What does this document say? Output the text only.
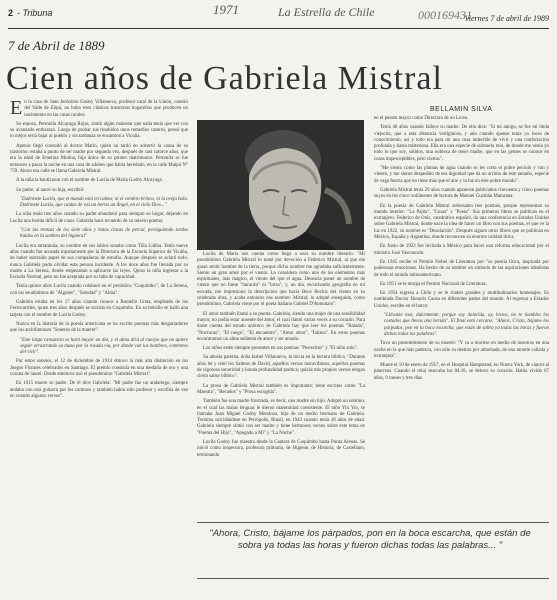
2 - Tribuna	1971	La Estrella de Chile	000169431
Viernes 7 de abril de 1989
7 de Abril de 1889
Cien años de Gabriela Mistral
BELLAMIN SILVA

En la casa de Juan Jerónimo Godoy Villanueva, profesor rural de la Unión, caserío del Valle de Elqui, no hubo esos clásicos trastornos hogareños que producen un nacimiento en las casas rurales.

Su esposa, Petronila Alcayaga Rojas, sintió algún malestar que nada tenía que ver con su avanzado embarazo. Luego de probar sus resabidos unos remedios caseros, pensó que lo mejor sería bajar al pueblo y sin tardanza se encaminó a Vicuña.

Apenas llegó consultó al doctor Marín, quien no tardó en advertir la causa de su trastorno: estaba a punto de ser madre por segunda vez, después de casi catorce años, que era la edad de Emelina Molina, hija única de su primer matrimonio. Petronila se fue entonces a pasar la noche en una casa de adobes que había heredado, en la calle Maipú N° 759. Ahora esa calle se llama Gabriela Mistral.

A la niña la bautizaron con el nombre de Lucila de María Godoy Alcayaga.

Su padre, al nacer su hija, escribió:

"Duérmete Lucila, que el mundo está en calma; ni el cordero brinca, ni la oveja bala. Duérmete Lucila, que cuidas de vos un tierno un Ángel, en el cielo Dios..."

La niña tenía tres años cuando su padre abandonó para siempre su hogar, dejando en Lucila una herida difícil de curar. Gabriela hace recuerdo de su mísero poema:

"Con las trenzas de los siete años y batas claras de percal, persiguiendo tordos huidos en la sombra del higueral"

Lucila era tartamuda; su nombre en sus labios sonaba como Tiila Lidiba. Tenía nueve años cuando fue acusada injustamente por la Directora de la Escuela Superior de Vicuña, de haber sustraído papel de sus compañeras de estudio. Aunque después se aclaró todo, nunca Gabriela pudo olvidar esta penosa incidente. A los doce años fue llevada por su madre a La Serena, donde empezaban a aplicarse las leyes. Quiso la niña ingresar a la Escuela Normal, pero no fue aceptada por su falta de capacidad.

Tenía quince años Lucila cuando colaboró en el periódico "Coquimbo", de La Serena, con los seudónimos de "Alguien", "Soledad" y "Alma".

Gabriela estaba en los 17 años cuando conoce a Romelio Ureta, empleado de los Ferrocarriles, quien tres años después se suicida en Coquimbo. En su bolsillo se halló una tarjeta con el nombre de Lucila Godoy.

Nunca en la historia de la poesía americana se ha escrito poemas más desgarradores que los archifamosos "Sonetos de la muerte":

"Este largo cansancio se hará mayor un día, y el alma dirá al cuerpo que no quiere seguir arrastrando su masa por la rosada vía, por donde van los hombres, contentos del vivir".

Por estos sonetos, el 12 de diciembre de 1914 obtuvo la más alta distinción en los Juegos Florales celebrados en Santiago. El premio consistía en una medalla de oro y una corona de laurel. Desde entonces usó el pseudónimo "Gabriela Mistral".

En 1915 muere su padre. De él dice Gabriela: "Mi padre fue un andariego, siempre andaba con una guitarra por los caminos y también había sido profesor y escribía de vez en cuando algunos versos".

Lucila de María nos cuenta como llegó a usar su nombre literario: "Mi pseudónimo Gabriela Mistral lo tomé por devoción a Federico Mistral, al que me gustó sentir hombre de la tierra, porque dicho nombre me agradaba suficientemente. Siento un gran amor por el viento. Lo considero como uno de los elementos más espirituales, más mágico, el viento del que el agua. Desearía poner un nombre de viento que no fuese "huracán" ni "brisa", y, un día, escuchando geografía en mi escuela, me impresionó la descripción que hacía Bece Reclús del viento en su celebrada obra, y acaba entonces ese nombre: Mistral; lo adopté enseguida, como pseudónimo. Gabriela viene por el poeta italiano Gabriel D'Annunzio".

El amor también llamó a su puerta. Gabriela, siendo una mujer de una sensibilidad mayor, no podía estar ausente del amor, el cual llamó varias veces a su corazón. Para darse cuenta del estado anímico de Gabriela hay que leer los poemas "Balada", "Nocturno", "El ruego", "El encuentro", "Amor amor", "Íntima". En estos poemas encontramos un alma sedienta de amor y ser amada.

Los niños estén siempre presentes en sus poemas "Piececitos" y "El niño solo".

Su abuela paterna, doña Isabel Villanueva, la inicia en la lectura bíblica. "Durante años leí y releí los Salmos de David, aquellos versos maravillosos, aquellos poemas de vigorosa sonoridad y honda profundidad poética; quizás mis propios versos tengan cierto sabor bíblico".

La prosa de Gabriela Mistral también es importante; tiene escritos como "La Maestra", "Recados" y "Prosa escogida".

También fue una madre frustrada, es decir, una madre sin hijo. Adoptó un sobrino, en el cual las malas lenguas le dieron maternidad consistente. El niño Yin Yin, se llamaba Juan Miguel Godoy Mendoza, hijo de un medio hermano de Gabriela. Termina suicidándose en Petrópolis, Brasil, en 1943 cuando tenía 18 años de edad. Gabriela siempre sintió con ser madre y tiene hermosos versos sobre este tema en "Poema del Hijo", "Apegado a Mí" y "La Noche".

Lucila Godoy fue maestra desde la Cantera de Coquimbo hasta Punta Arenas. Se inició como inspectora, profesora primaria, de Higiene, de Historia, de Castellano, terminando

en el puesto mayor como Directora de un Liceo.

Tenía 40 años cuando fallece su madre. De ella dice: "Si mi amigo, se fue mi linda viejecita, que a esta distancia vertiginosa, y aún cuando apenas tenía yo luces de conocimiento, así y todo era para mí una cosa indecible de vivir y una confortación profunda y hasta misteriosa. Ella era una especie de subsuelo mío, de donde me venía yo todo lo que soy, sólidos, una nobleza de tener madre, que en las gentes se conoce en cosas imperceptibles, pero ciertas".

"Me siento como las plantas de agua cuando se les corta el pobre peciolo y van y vienen, y me siento despedido de esa dignidad que da un arrimo de este tamaño, especie de vaga fuerza que no tiene más que el aire y la luz en este pobre mundo".

Gabriela Mistral tenía 29 años cuando aparecen publicados cincuenta y cinco poemas suyos en los cinco volúmenes de lectura de Manuel Guzmán Maturana.

En la poesía de Gabriela Mistral sobresalen tres poemas, porque representan su mundo interior: "La Pajita", "Cosas" y "Poeta". Sus primeros libros se publican en el extranjero. Federico de Onís, catedrático español, da una conferencia en Estados Unidos sobre Gabriela Mistral, donde nace la idea de hacer un libro con sus poemas, el que ve la luz en 1922, su nombre es "Desolación". Después siguen otros libros que se publican en México, España y Argentina, donde reconocen su enorme calidad lírica.

En Junio de 1922 fue invitada a México para hacer una reforma educacional por el ministro José Vasconcelo.

En 1945 recibe el Premio Nobel de Literatura por "su poesía lírica, inspirada por poderosas emociones. Ha hecho de su nombre un símbolo de las aspiraciones idealistas de todo el mundo latinoamericano.

En 1951 se le otorga el Premio Nacional de Literatura.

En 1954 regresa a Chile y se le rinden grandes y multitudinarios homenajes. Es nombrada Doctor Honoris Causa en diferentes partes del mundo. Al regresar a Estados Unidos, escribe en el barco:

"Llévame mar, dulcemente, porque voy dolorida, ay, bravo, no te tiembles los costados que llevas una herida". El final está cercano: "Ahora, Cristo, bájame los párpados, pon en la boca escarcha, que están de sobra ya todas las horas y fueron dichas todas las palabras".

Tuvo un presentimiento de su muerte: "Y va a morirse en medio de nosotros en una noche en la que más padezca, con sólo su destino por almohada, de una muerte callada y extranjera".

Muere el 10 de enero de 1957, en el Hospital Hampstead, en Nueva York, de cáncer al páncreas. Cuando el reloj marcaba las 04.18, se detuvo su corazón. Había vivido 67 años, 9 meses y tres días.

"Ahora, Cristo, bájame los párpados, pon en la boca escarcha, que están de sobra ya todas las horas y fueron dichas todas las palabras... "
